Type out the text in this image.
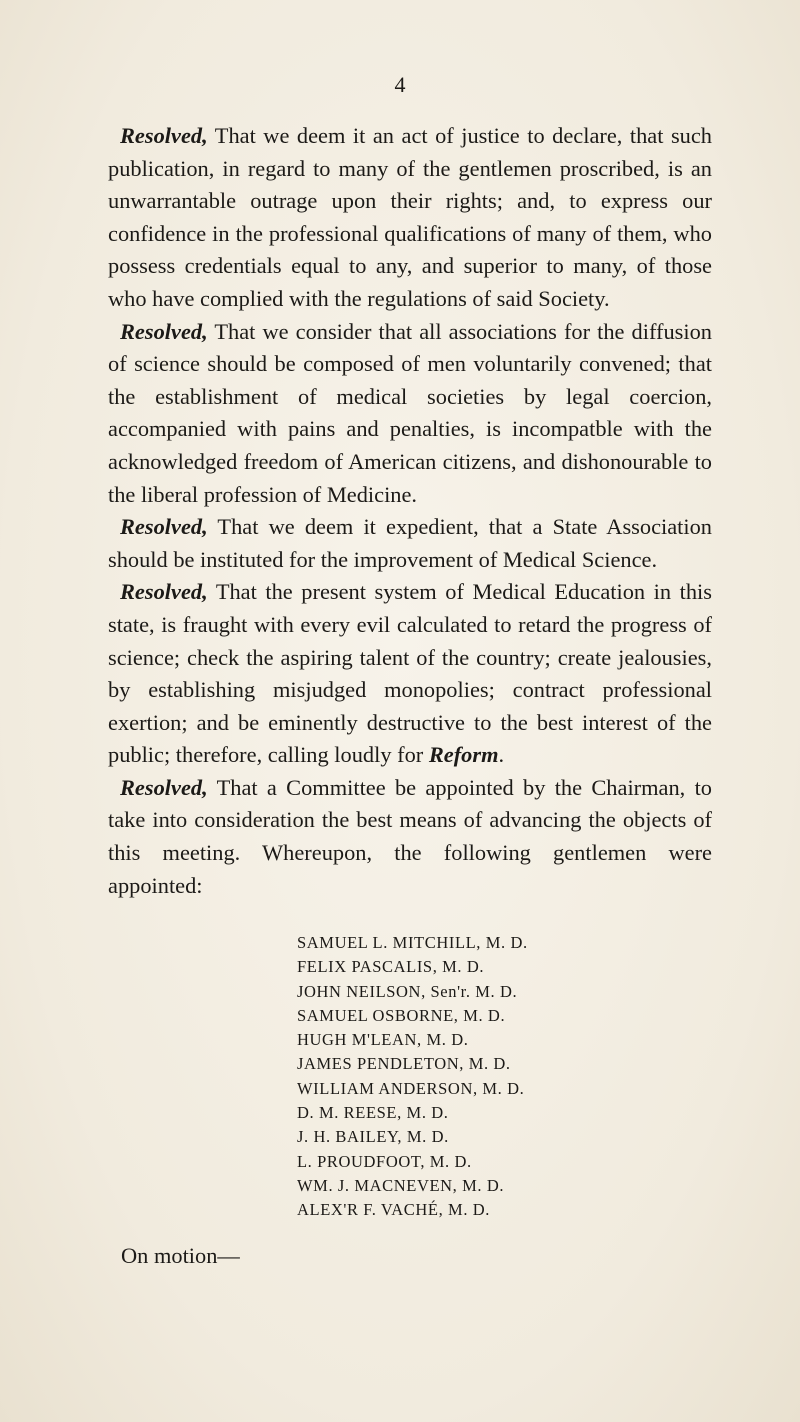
4

Resolved, That we deem it an act of justice to declare, that such publication, in regard to many of the gentlemen proscribed, is an unwarrantable outrage upon their rights; and, to express our confidence in the professional qualifications of many of them, who possess credentials equal to any, and superior to many, of those who have complied with the regulations of said Society.

Resolved, That we consider that all associations for the diffusion of science should be composed of men voluntarily convened; that the establishment of medical societies by legal coercion, accompanied with pains and penalties, is incompatble with the acknowledged freedom of American citizens, and dishonourable to the liberal profession of Medicine.

Resolved, That we deem it expedient, that a State Association should be instituted for the improvement of Medical Science.

Resolved, That the present system of Medical Education in this state, is fraught with every evil calculated to retard the progress of science; check the aspiring talent of the country; create jealousies, by establishing misjudged monopolies; contract professional exertion; and be eminently destructive to the best interest of the public; therefore, calling loudly for Reform.

Resolved, That a Committee be appointed by the Chairman, to take into consideration the best means of advancing the objects of this meeting. Whereupon, the following gentlemen were appointed:

SAMUEL L. MITCHILL, M. D.
FELIX PASCALIS, M. D.
JOHN NEILSON, Sen'r. M. D.
SAMUEL OSBORNE, M. D.
HUGH M'LEAN, M. D.
JAMES PENDLETON, M. D.
WILLIAM ANDERSON, M. D.
D. M. REESE, M. D.
J. H. BAILEY, M. D.
L. PROUDFOOT, M. D.
WM. J. MACNEVEN, M. D.
ALEX'R F. VACHÉ, M. D.
On motion—
